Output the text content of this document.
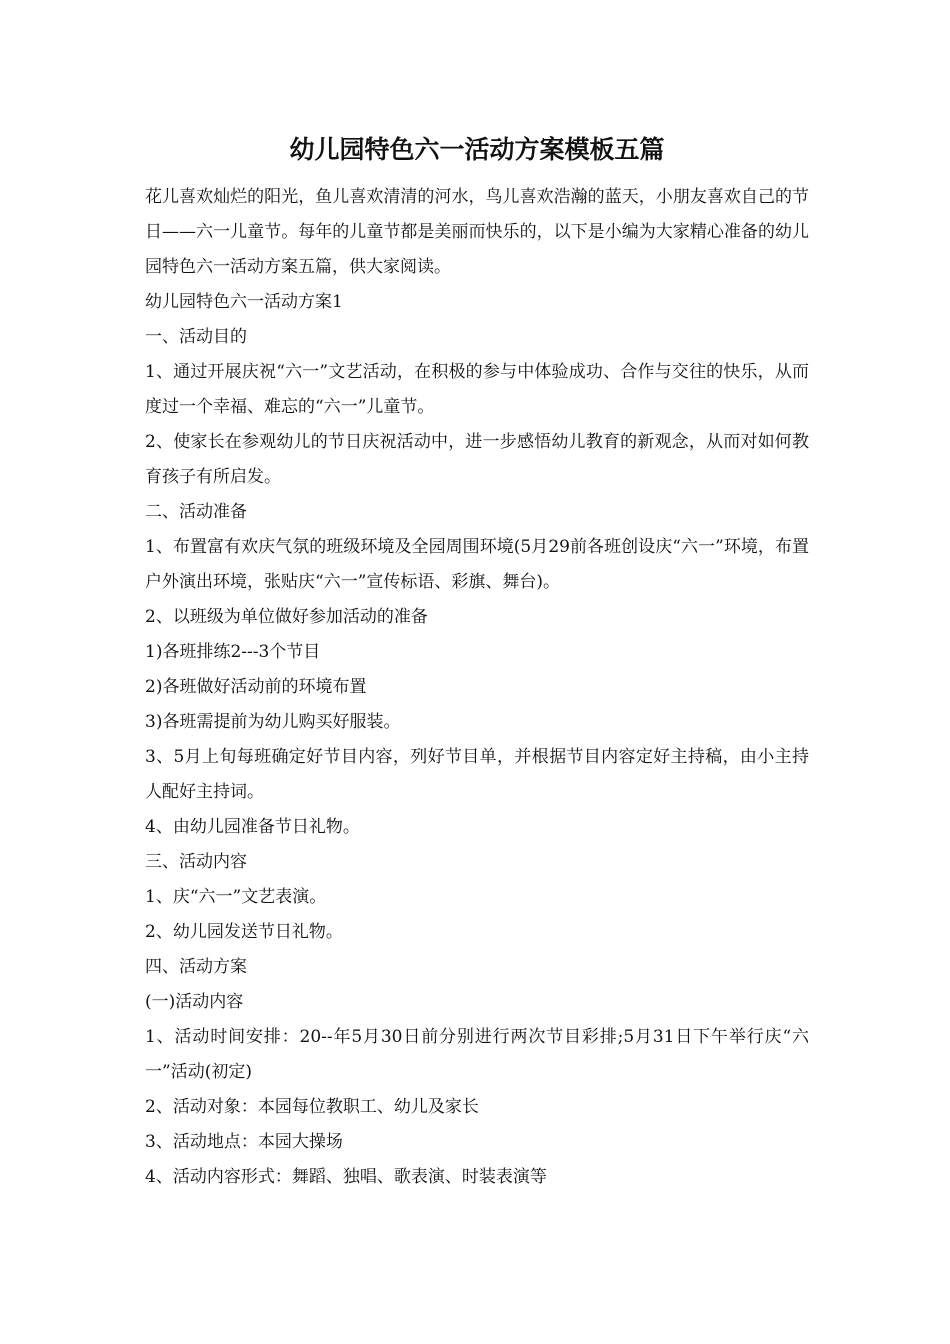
幼儿园特色六一活动方案模板五篇

花儿喜欢灿烂的阳光，鱼儿喜欢清清的河水，鸟儿喜欢浩瀚的蓝天，小朋友喜欢自己的节日——六一儿童节。每年的儿童节都是美丽而快乐的，以下是小编为大家精心准备的幼儿园特色六一活动方案五篇，供大家阅读。

幼儿园特色六一活动方案1

一、活动目的

1、通过开展庆祝“六一”文艺活动，在积极的参与中体验成功、合作与交往的快乐，从而度过一个幸福、难忘的“六一”儿童节。

2、使家长在参观幼儿的节日庆祝活动中，进一步感悟幼儿教育的新观念，从而对如何教育孩子有所启发。

二、活动准备

1、布置富有欢庆气氛的班级环境及全园周围环境(5月29前各班创设庆“六一”环境，布置户外演出环境，张贴庆“六一”宣传标语、彩旗、舞台)。

2、以班级为单位做好参加活动的准备

1)各班排练2---3个节目

2)各班做好活动前的环境布置

3)各班需提前为幼儿购买好服装。

3、5月上旬每班确定好节目内容，列好节目单，并根据节目内容定好主持稿，由小主持人配好主持词。

4、由幼儿园准备节日礼物。

三、活动内容

1、庆“六一”文艺表演。

2、幼儿园发送节日礼物。

四、活动方案

(一)活动内容

1、活动时间安排：20--年5月30日前分别进行两次节目彩排;5月31日下午举行庆“六一”活动(初定)

2、活动对象：本园每位教职工、幼儿及家长

3、活动地点：本园大操场

4、活动内容形式：舞蹈、独唱、歌表演、时装表演等
